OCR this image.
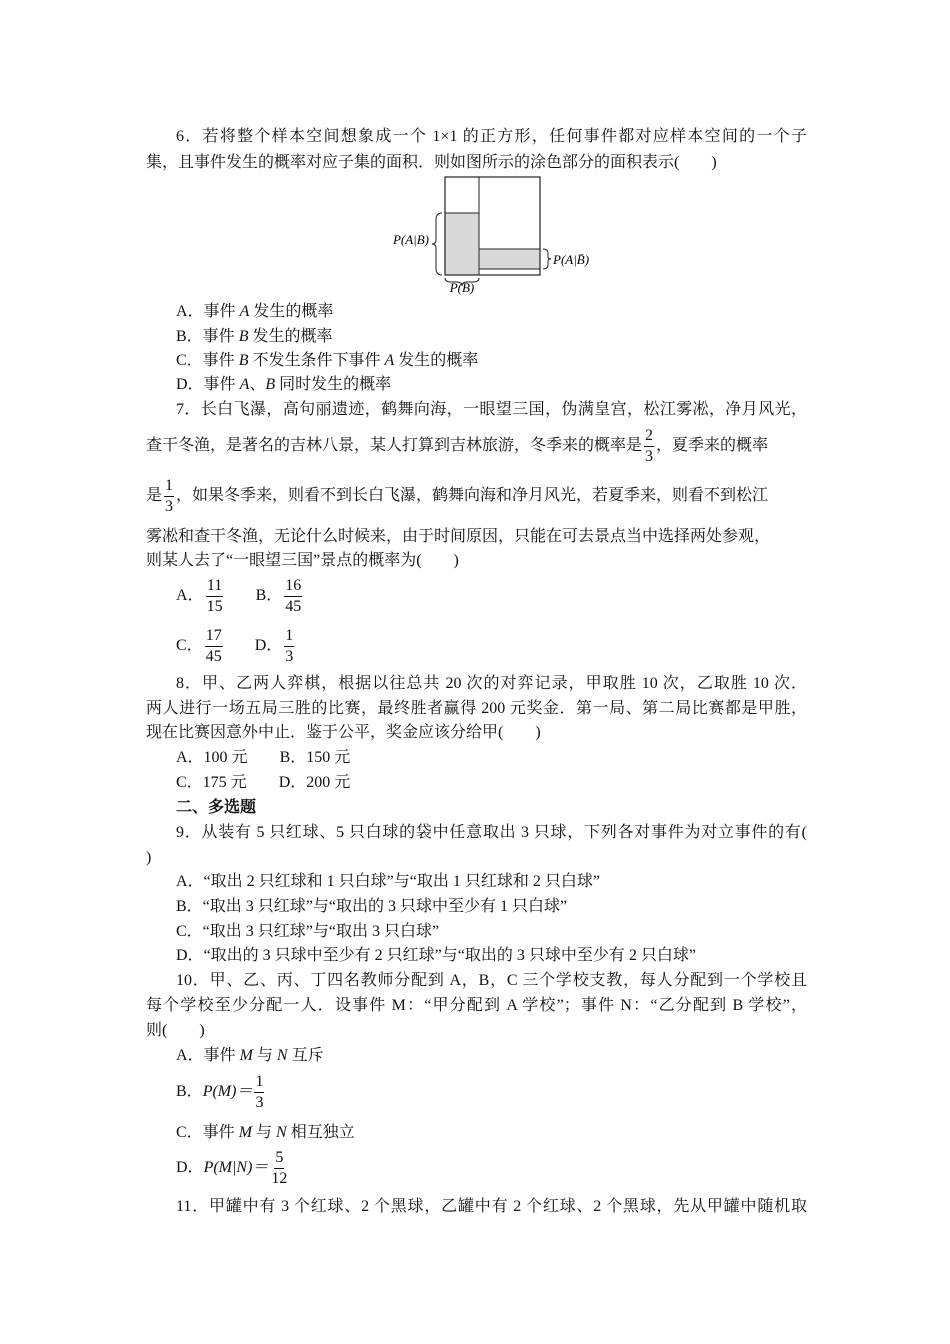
6．若将整个样本空间想象成一个 1×1 的正方形，任何事件都对应样本空间的一个子
集，且事件发生的概率对应子集的面积．则如图所示的涂色部分的面积表示(　　)
P(A|B)
P(A|B̄)
P(B)
A．事件 A 发生的概率
B．事件 B 发生的概率
C．事件 B 不发生条件下事件 A 发生的概率
D．事件 A、B 同时发生的概率
7．长白飞瀑，高句丽遗迹，鹤舞向海，一眼望三国，伪满皇宫，松江雾凇，净月风光，
查干冬渔，是著名的吉林八景，某人打算到吉林旅游，冬季来的概率是 $\frac{2}{3}$ ，夏季来的概率
是 $\frac{1}{3}$ ，如果冬季来，则看不到长白飞瀑，鹤舞向海和净月风光，若夏季来，则看不到松江
雾凇和查干冬渔，无论什么时候来，由于时间原因，只能在可去景点当中选择两处参观，
则某人去了“一眼望三国”景点的概率为(　　)
A． $\frac{11}{15}$ B． $\frac{16}{45}$
C． $\frac{17}{45}$ D． $\frac{1}{3}$
8．甲、乙两人弈棋，根据以往总共 20 次的对弈记录，甲取胜 10 次，乙取胜 10 次．
两人进行一场五局三胜的比赛，最终胜者赢得 200 元奖金．第一局、第二局比赛都是甲胜，
现在比赛因意外中止．鉴于公平，奖金应该分给甲(　　)
A．100 元 B．150 元
C．175 元 D．200 元
二、多选题
9．从装有 5 只红球、5 只白球的袋中任意取出 3 只球，下列各对事件为对立事件的有(
)
A．“取出 2 只红球和 1 只白球”与“取出 1 只红球和 2 只白球”
B．“取出 3 只红球”与“取出的 3 只球中至少有 1 只白球”
C．“取出 3 只红球”与“取出 3 只白球”
D．“取出的 3 只球中至少有 2 只红球”与“取出的 3 只球中至少有 2 只白球”
10．甲、乙、丙、丁四名教师分配到 A，B，C 三个学校支教，每人分配到一个学校且
每个学校至少分配一人．设事件 M：“甲分配到 A 学校”；事件 N：“乙分配到 B 学校”，
则(　　)
A．事件 M 与 N 互斥
B．$P(M)= \frac{1}{3}$
C．事件 M 与 N 相互独立
D．$P(M|N)= \frac{5}{12}$
11．甲罐中有 3 个红球、2 个黑球，乙罐中有 2 个红球、2 个黑球，先从甲罐中随机取
